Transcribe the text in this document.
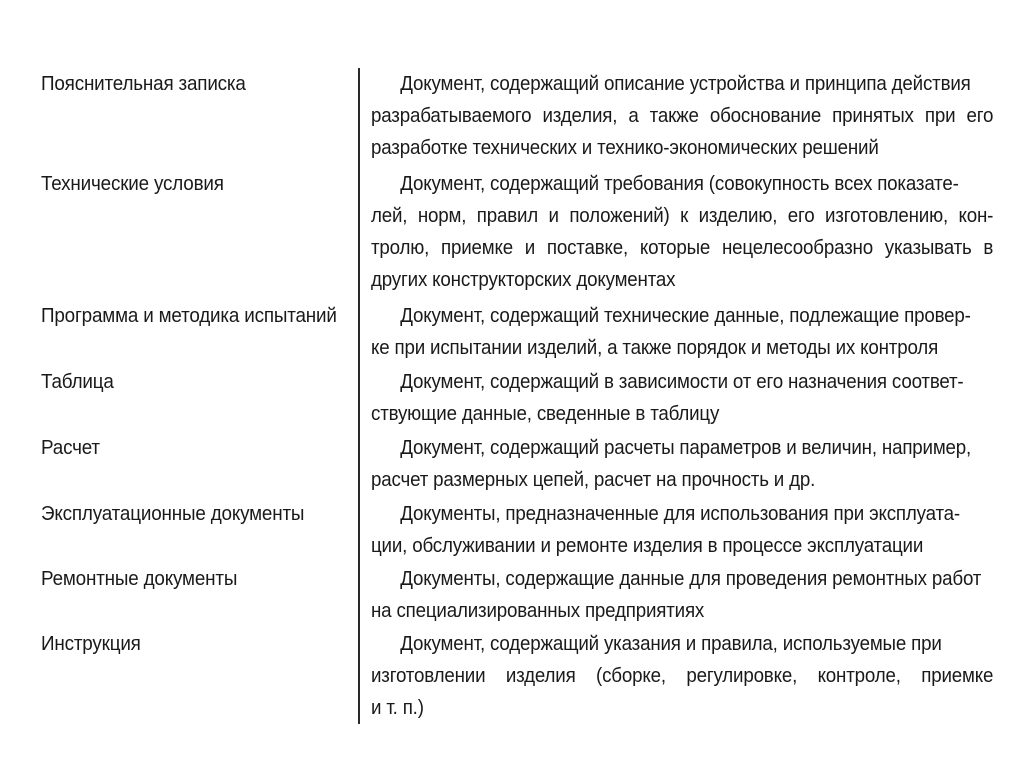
Пояснительная записка	Документ, содержащий описание устройства и принципа действия
разрабатываемого изделия, а также обоснование принятых при его
разработке технических и технико-экономических решений
Технические условия	Документ, содержащий требования (совокупность всех показате-
лей, норм, правил и положений) к изделию, его изготовлению, кон-
тролю, приемке и поставке, которые нецелесообразно указывать в
других конструкторских документах
Программа и методика испытаний	Документ, содержащий технические данные, подлежащие провер-
ке при испытании изделий, а также порядок и методы их контроля
Таблица	Документ, содержащий в зависимости от его назначения соответ-
ствующие данные, сведенные в таблицу
Расчет	Документ, содержащий расчеты параметров и величин, например,
расчет размерных цепей, расчет на прочность и др.
Эксплуатационные документы	Документы, предназначенные для использования при эксплуата-
ции, обслуживании и ремонте изделия в процессе эксплуатации
Ремонтные документы	Документы, содержащие данные для проведения ремонтных работ
на специализированных предприятиях
Инструкция	Документ, содержащий указания и правила, используемые при
изготовлении изделия (сборке, регулировке, контроле, приемке
и т. п.)
